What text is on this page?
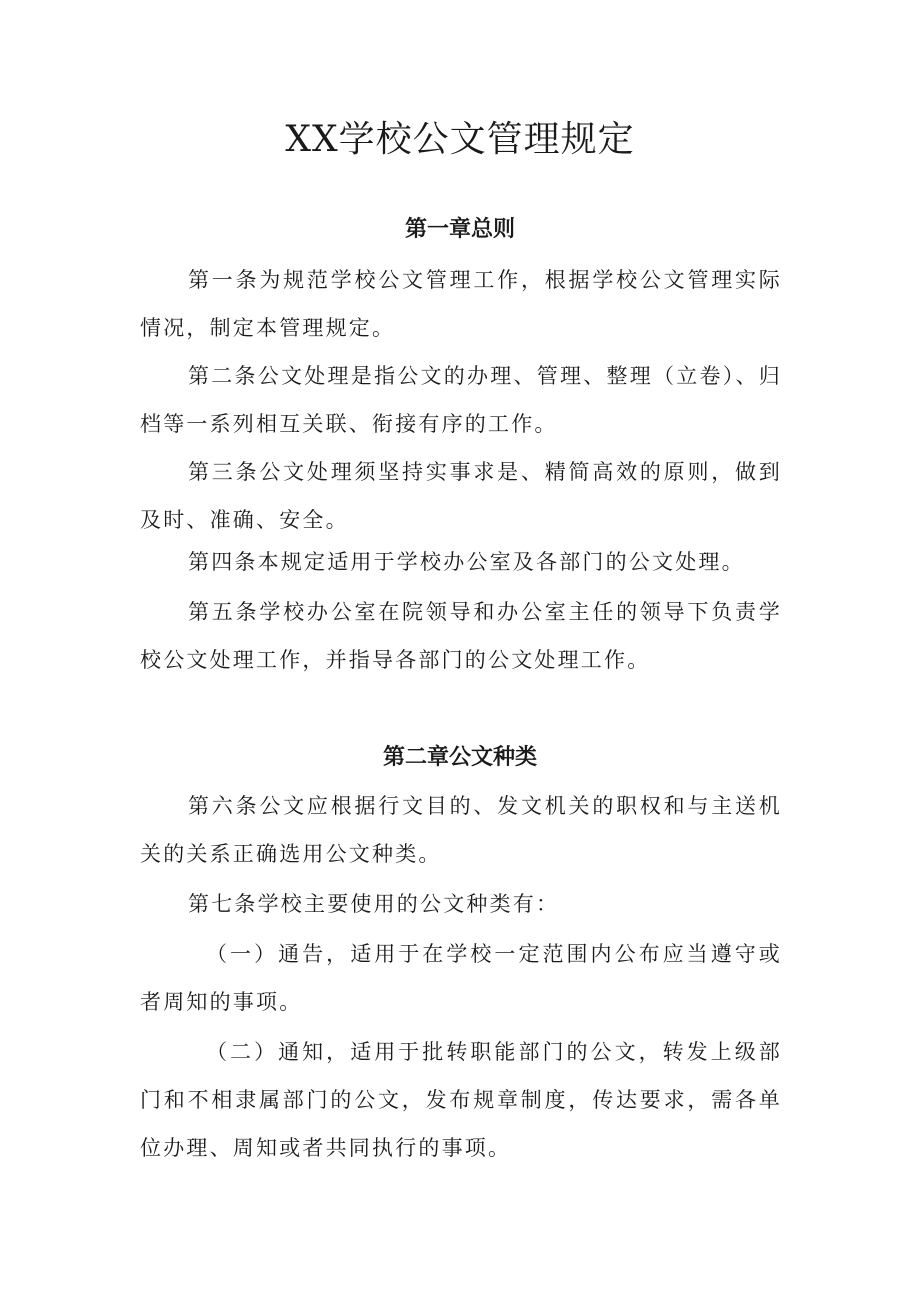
XX学校公文管理规定
第一章总则

第一条为规范学校公文管理工作，根据学校公文管理实际情况，制定本管理规定。

第二条公文处理是指公文的办理、管理、整理（立卷）、归档等一系列相互关联、衔接有序的工作。

第三条公文处理须坚持实事求是、精简高效的原则，做到及时、准确、安全。

第四条本规定适用于学校办公室及各部门的公文处理。

第五条学校办公室在院领导和办公室主任的领导下负责学校公文处理工作，并指导各部门的公文处理工作。

第二章公文种类

第六条公文应根据行文目的、发文机关的职权和与主送机关的关系正确选用公文种类。

第七条学校主要使用的公文种类有：

（一）通告，适用于在学校一定范围内公布应当遵守或者周知的事项。

（二）通知，适用于批转职能部门的公文，转发上级部门和不相隶属部门的公文，发布规章制度，传达要求，需各单位办理、周知或者共同执行的事项。
